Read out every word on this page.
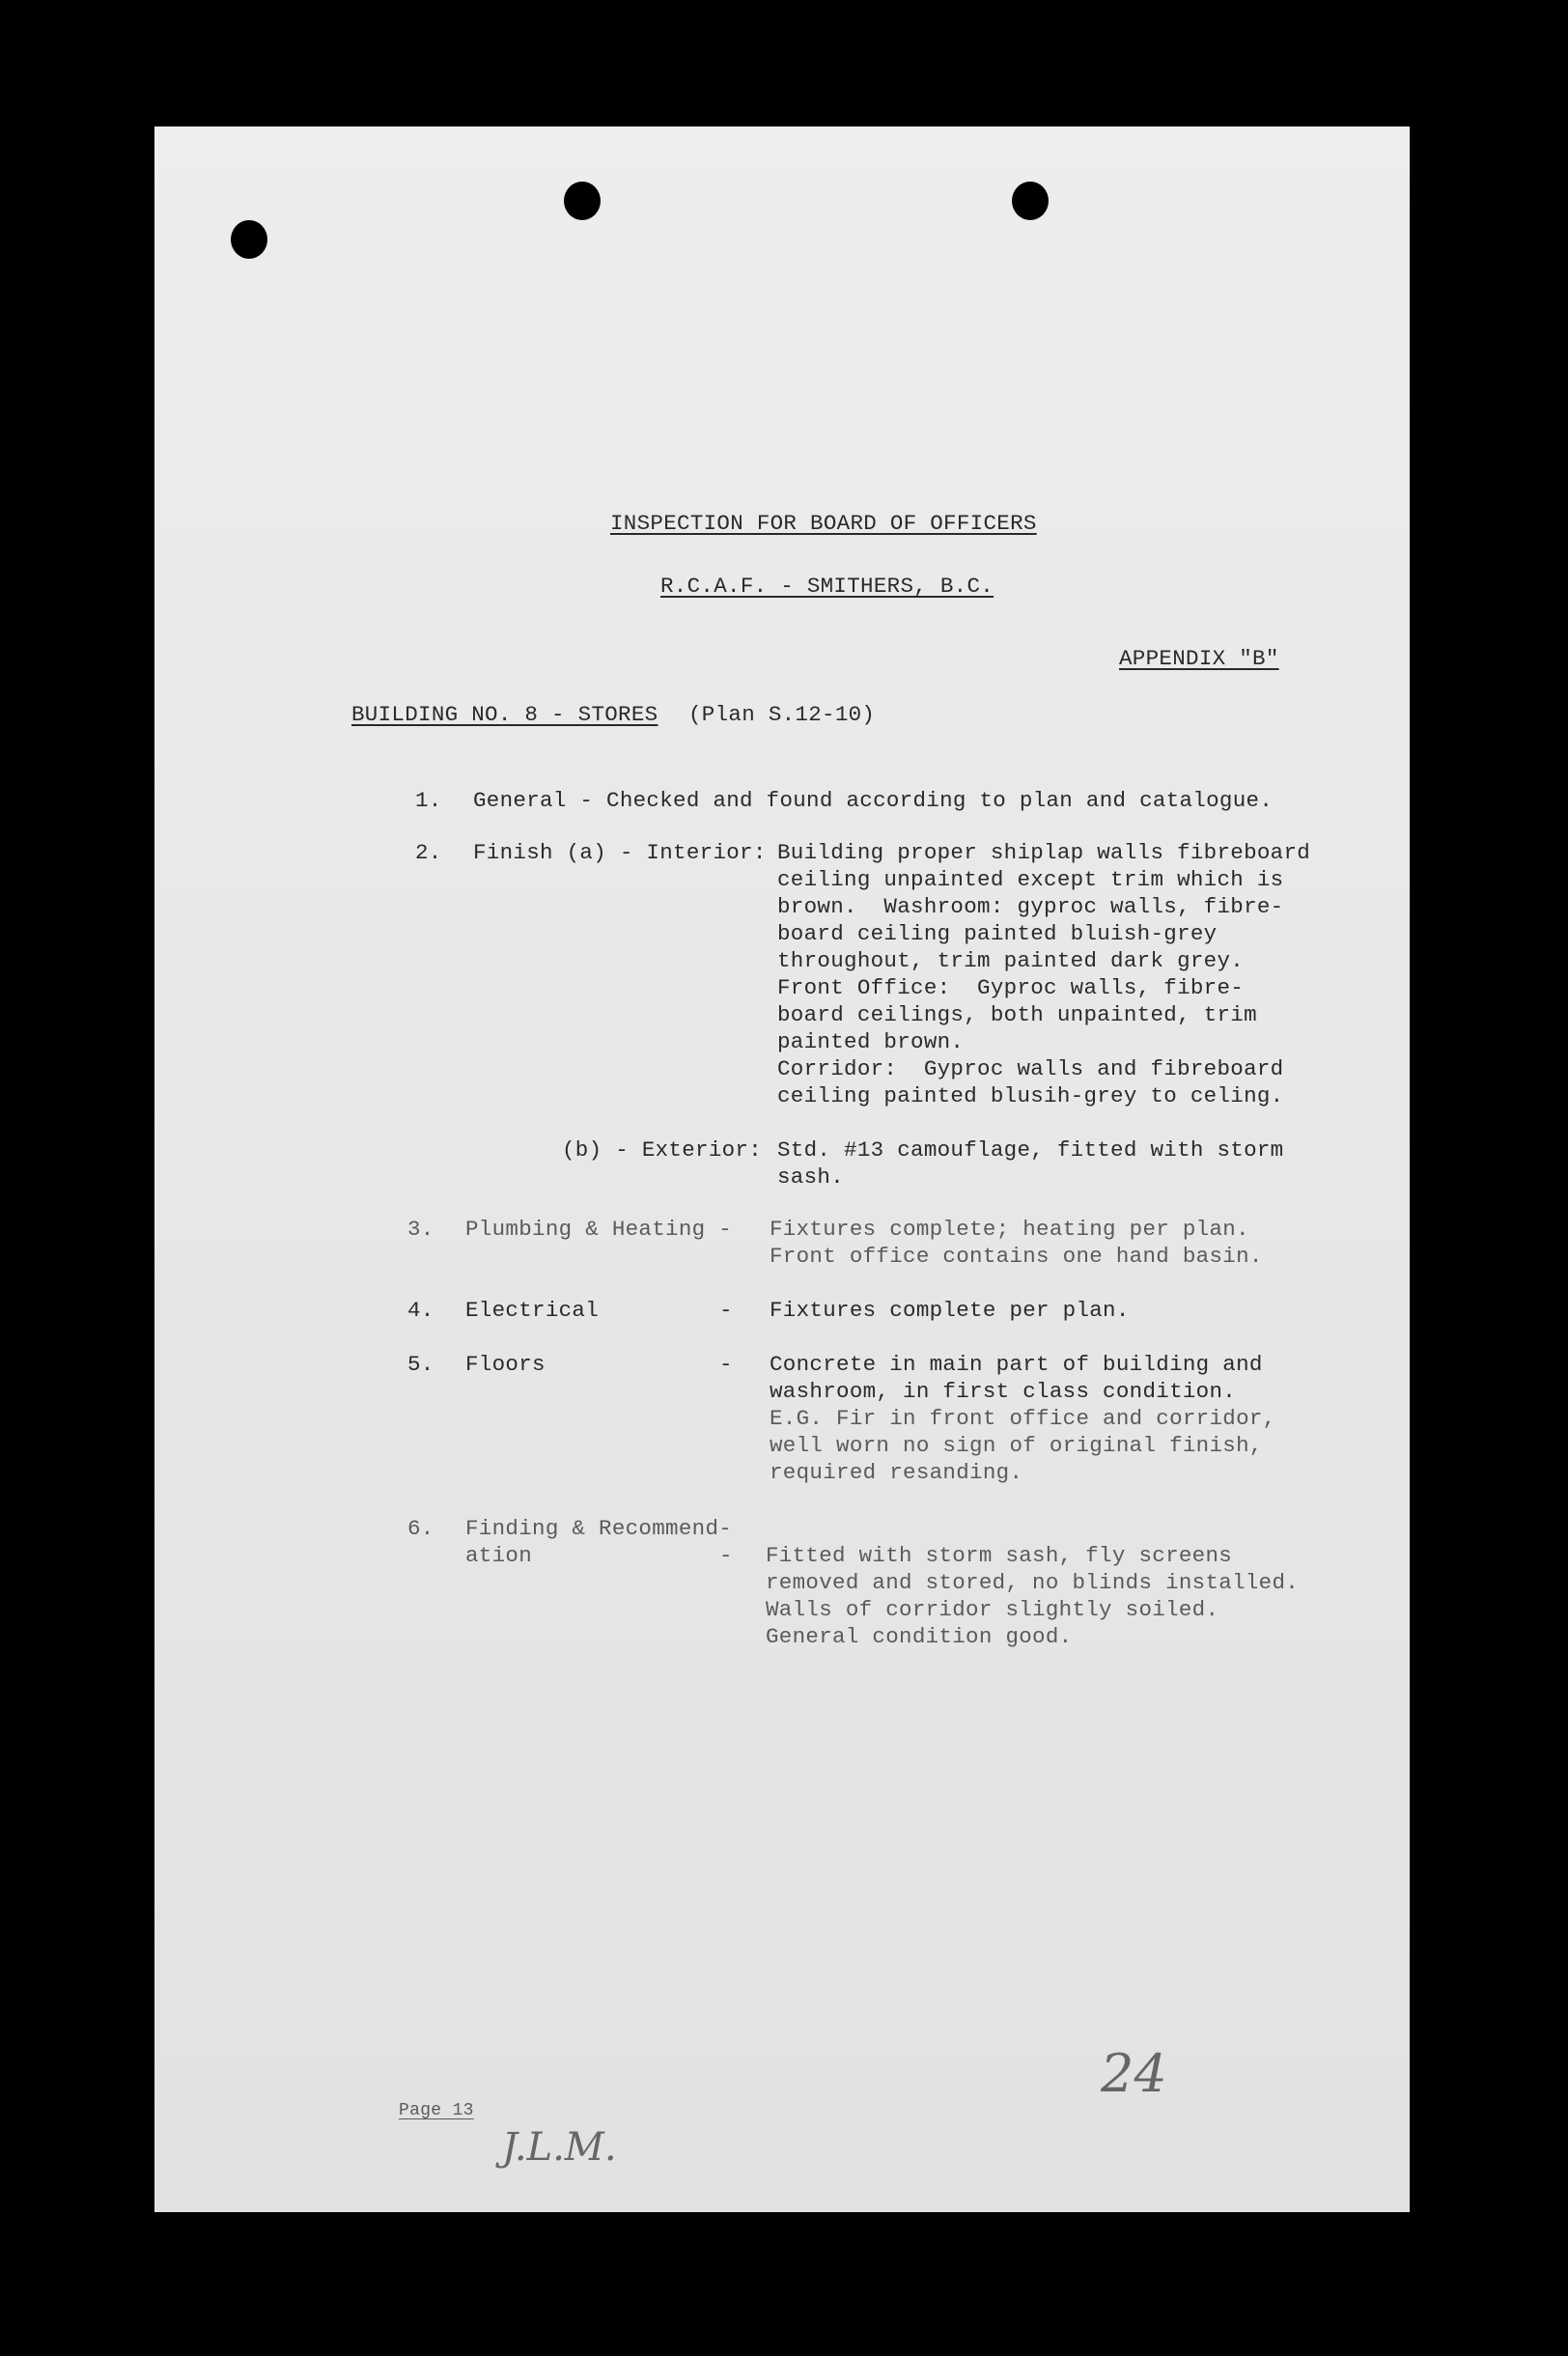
INSPECTION FOR BOARD OF OFFICERS
R.C.A.F. - SMITHERS, B.C.
APPENDIX "B"
BUILDING NO. 8 - STORES (Plan S.12-10)
1. General - Checked and found according to plan and catalogue.
2. Finish (a) - Interior: Building proper shiplap walls fibreboard
ceiling unpainted except trim which is
brown.  Washroom: gyproc walls, fibre-
board ceiling painted bluish-grey
throughout, trim painted dark grey.
Front Office:  Gyproc walls, fibre-
board ceilings, both unpainted, trim
painted brown.
Corridor:  Gyproc walls and fibreboard
ceiling painted blusih-grey to celing.
(b) - Exterior: Std. #13 camouflage, fitted with storm
sash.
3. Plumbing & Heating - Fixtures complete; heating per plan.
Front office contains one hand basin.
4. Electrical	- Fixtures complete per plan.
5. Floors	- Concrete in main part of building and
washroom, in first class condition.
E.G. Fir in front office and corridor,
well worn no sign of original finish,
required resanding.
6. Finding & Recommend-
ation	- Fitted with storm sash, fly screens
removed and stored, no blinds installed.
Walls of corridor slightly soiled.
General condition good.
Page 13
24
J.L.M.
